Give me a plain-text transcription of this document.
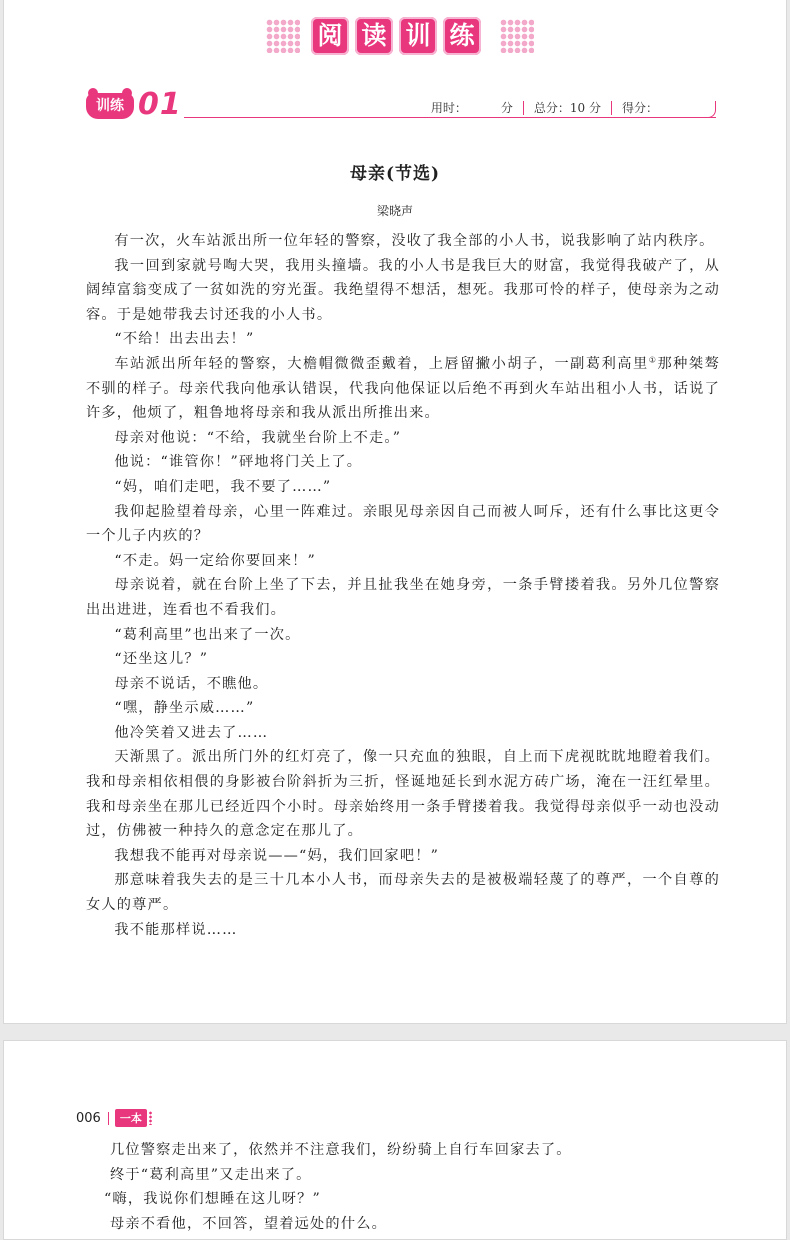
阅 读 训 练
训练 01	用时：	分 总分：10 分 得分：
母亲(节选)
梁晓声

有一次，火车站派出所一位年轻的警察，没收了我全部的小人书，说我影响了站内秩序。

我一回到家就号啕大哭，我用头撞墙。我的小人书是我巨大的财富，我觉得我破产了，从阔绰富翁变成了一贫如洗的穷光蛋。我绝望得不想活，想死。我那可怜的样子，使母亲为之动容。于是她带我去讨还我的小人书。

“不给！出去出去！”

车站派出所年轻的警察，大檐帽微微歪戴着，上唇留撇小胡子，一副葛利高里①那种桀骜不驯的样子。母亲代我向他承认错误，代我向他保证以后绝不再到火车站出租小人书，话说了许多，他烦了，粗鲁地将母亲和我从派出所推出来。

母亲对他说：“不给，我就坐台阶上不走。”

他说：“谁管你！”砰地将门关上了。

“妈，咱们走吧，我不要了……”

我仰起脸望着母亲，心里一阵难过。亲眼见母亲因自己而被人呵斥，还有什么事比这更令一个儿子内疚的？

“不走。妈一定给你要回来！”

母亲说着，就在台阶上坐了下去，并且扯我坐在她身旁，一条手臂搂着我。另外几位警察出出进进，连看也不看我们。

“葛利高里”也出来了一次。

“还坐这儿？”

母亲不说话，不瞧他。

“嘿，静坐示威……”

他冷笑着又进去了……

天渐黑了。派出所门外的红灯亮了，像一只充血的独眼，自上而下虎视眈眈地瞪着我们。我和母亲相依相偎的身影被台阶斜折为三折，怪诞地延长到水泥方砖广场，淹在一汪红晕里。我和母亲坐在那儿已经近四个小时。母亲始终用一条手臂搂着我。我觉得母亲似乎一动也没动过，仿佛被一种持久的意念定在那儿了。

我想我不能再对母亲说——“妈，我们回家吧！”

那意味着我失去的是三十几本小人书，而母亲失去的是被极端轻蔑了的尊严，一个自尊的女人的尊严。

我不能那样说……

006	一本

几位警察走出来了，依然并不注意我们，纷纷骑上自行车回家去了。

终于“葛利高里”又走出来了。

“嗨，我说你们想睡在这儿呀？”

母亲不看他，不回答，望着远处的什么。
